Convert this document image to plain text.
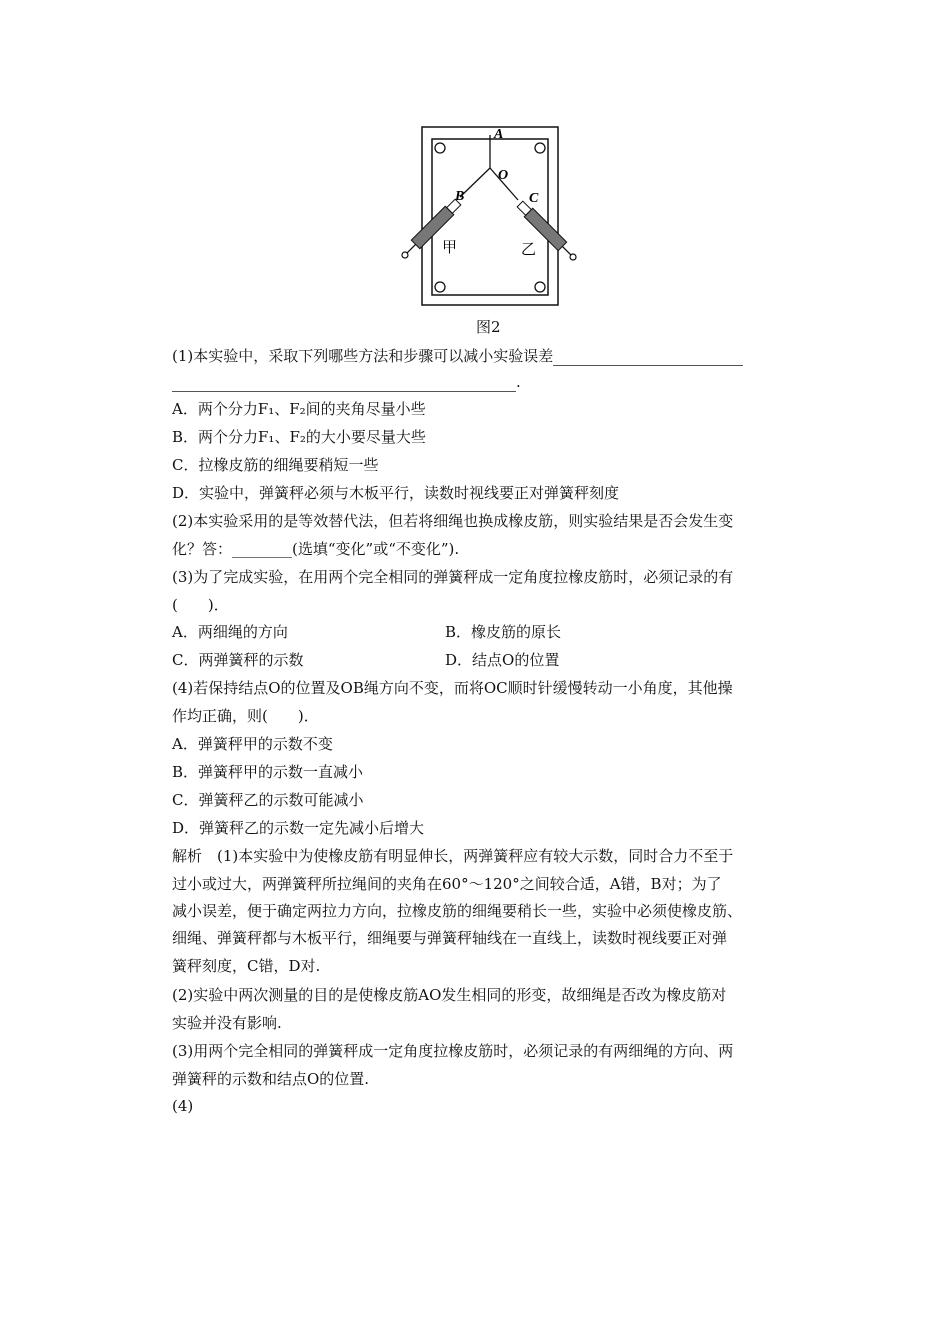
A
O
B	C
甲	乙
图2
(1)本实验中，采取下列哪些方法和步骤可以减小实验误差
.
A．两个分力F₁、F₂间的夹角尽量小些
B．两个分力F₁、F₂的大小要尽量大些
C．拉橡皮筋的细绳要稍短一些
D．实验中，弹簧秤必须与木板平行，读数时视线要正对弹簧秤刻度
(2)本实验采用的是等效替代法，但若将细绳也换成橡皮筋，则实验结果是否会发生变
化？答：________(选填“变化”或“不变化”).
(3)为了完成实验，在用两个完全相同的弹簧秤成一定角度拉橡皮筋时，必须记录的有
(　　)．
A．两细绳的方向	B．橡皮筋的原长
C．两弹簧秤的示数	D．结点O的位置
(4)若保持结点O的位置及OB绳方向不变，而将OC顺时针缓慢转动一小角度，其他操
作均正确，则(　　)．
A．弹簧秤甲的示数不变
B．弹簧秤甲的示数一直减小
C．弹簧秤乙的示数可能减小
D．弹簧秤乙的示数一定先减小后增大
解析　(1)本实验中为使橡皮筋有明显伸长，两弹簧秤应有较大示数，同时合力不至于
过小或过大，两弹簧秤所拉绳间的夹角在60°～120°之间较合适，A错，B对；为了
减小误差，便于确定两拉力方向，拉橡皮筋的细绳要稍长一些，实验中必须使橡皮筋、
细绳、弹簧秤都与木板平行，细绳要与弹簧秤轴线在一直线上，读数时视线要正对弹
簧秤刻度，C错，D对.
(2)实验中两次测量的目的是使橡皮筋AO发生相同的形变，故细绳是否改为橡皮筋对
实验并没有影响.
(3)用两个完全相同的弹簧秤成一定角度拉橡皮筋时，必须记录的有两细绳的方向、两
弹簧秤的示数和结点O的位置.
(4)
